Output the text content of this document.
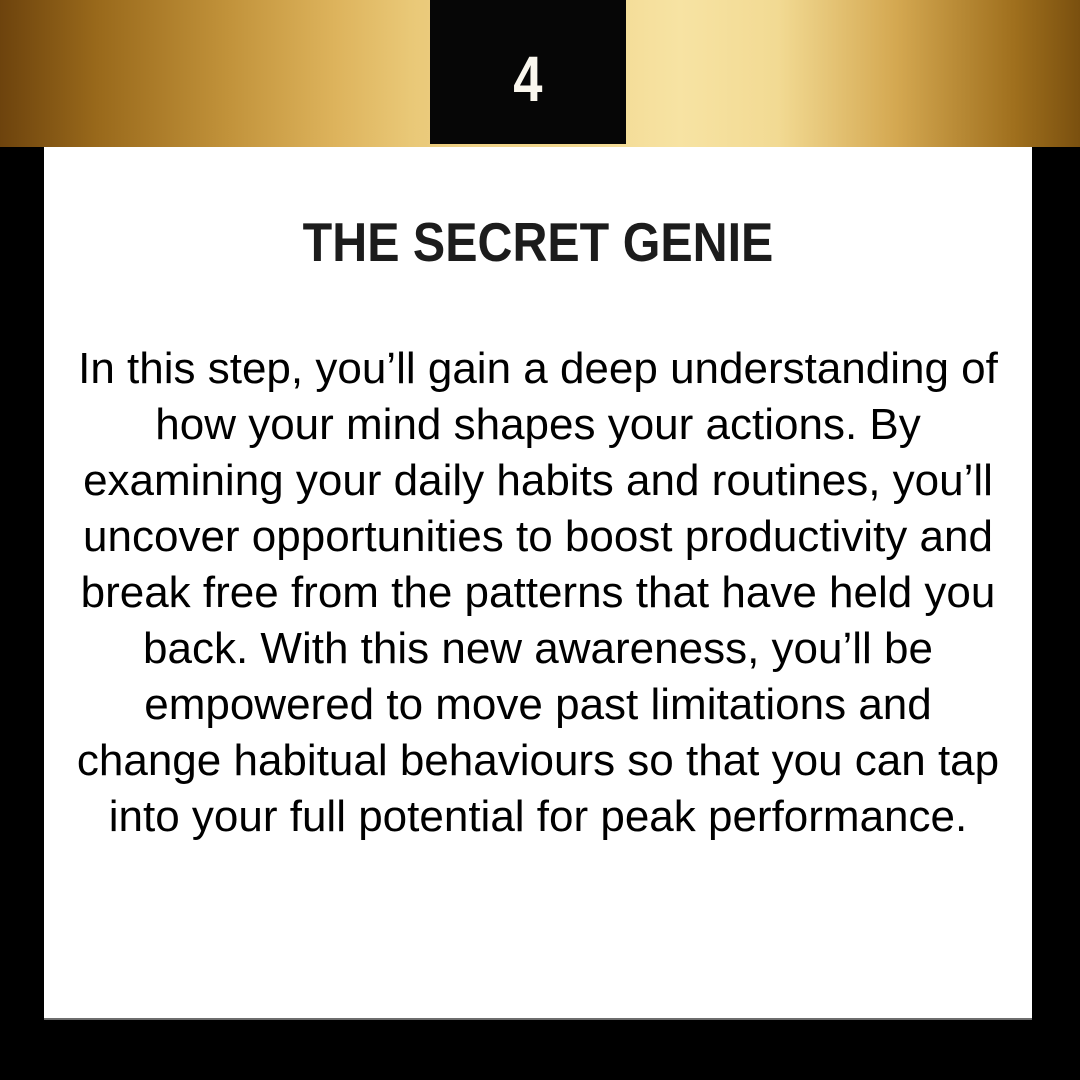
4
THE SECRET GENIE
In this step, you’ll gain a deep understanding of
how your mind shapes your actions. By
examining your daily habits and routines, you’ll
uncover opportunities to boost productivity and
break free from the patterns that have held you
back. With this new awareness, you’ll be
empowered to move past limitations and
change habitual behaviours so that you can tap
into your full potential for peak performance.
